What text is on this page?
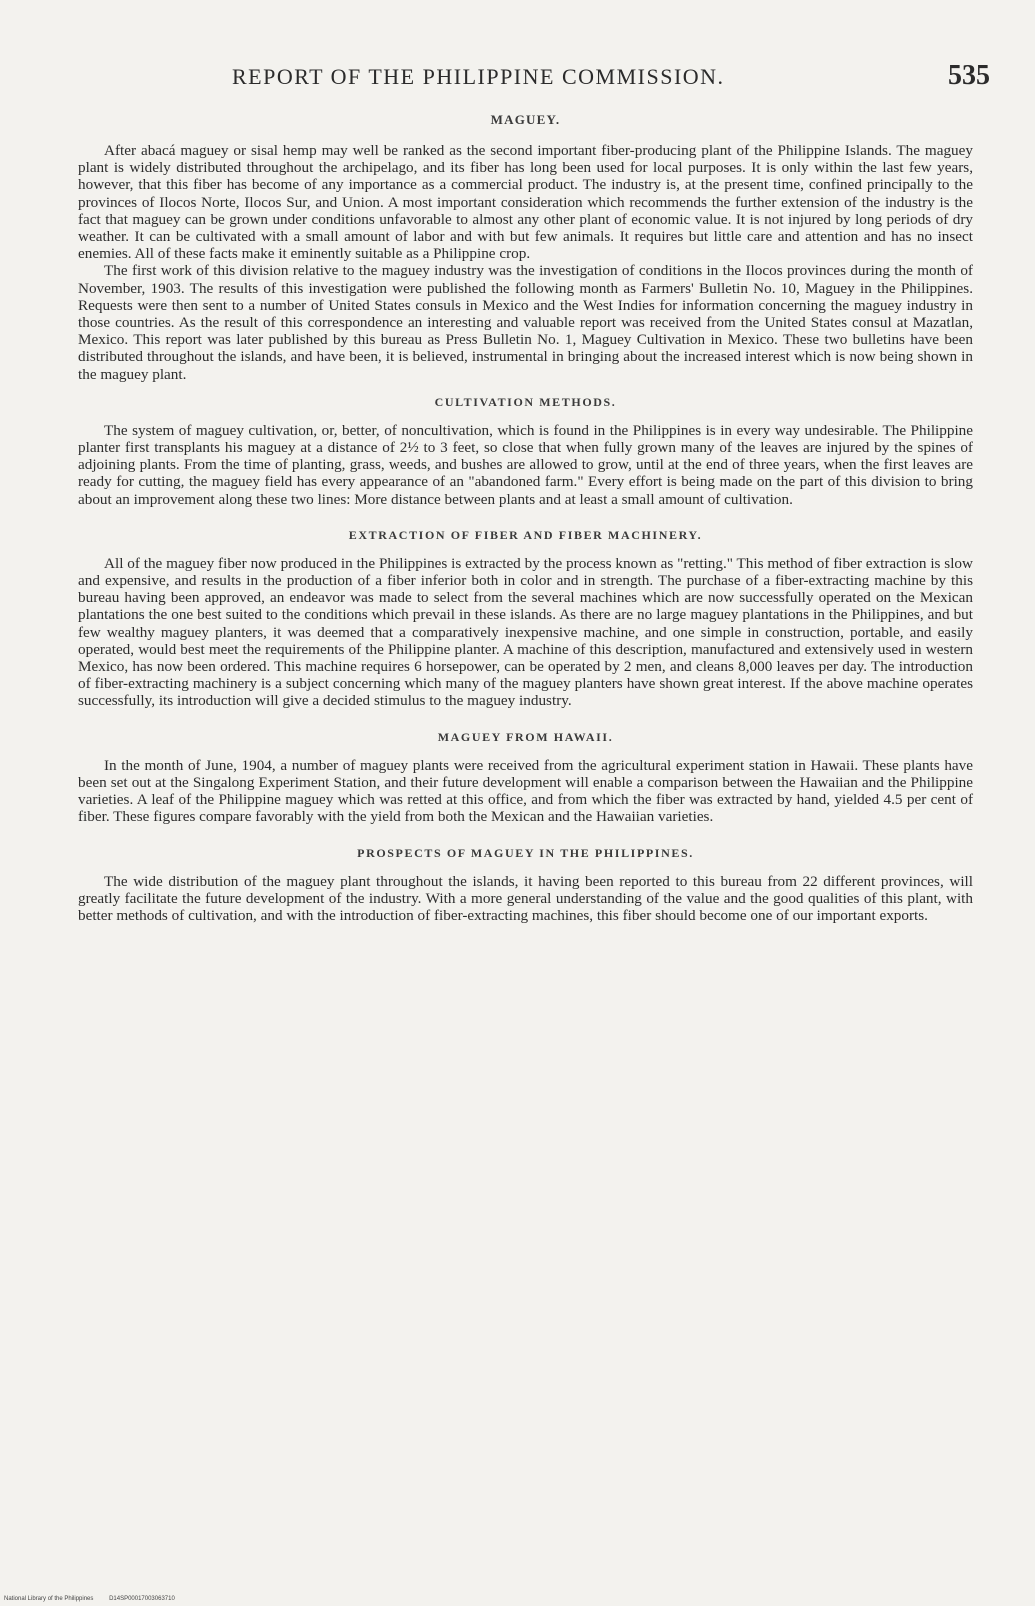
REPORT OF THE PHILIPPINE COMMISSION.	535
MAGUEY.

After abacá maguey or sisal hemp may well be ranked as the second important fiber-producing plant of the Philippine Islands. The maguey plant is widely distributed throughout the archipelago, and its fiber has long been used for local purposes. It is only within the last few years, however, that this fiber has become of any importance as a commercial product. The industry is, at the present time, confined principally to the provinces of Ilocos Norte, Ilocos Sur, and Union. A most important consideration which recommends the further extension of the industry is the fact that maguey can be grown under conditions unfavorable to almost any other plant of economic value. It is not injured by long periods of dry weather. It can be cultivated with a small amount of labor and with but few animals. It requires but little care and attention and has no insect enemies. All of these facts make it eminently suitable as a Philippine crop.

The first work of this division relative to the maguey industry was the investigation of conditions in the Ilocos provinces during the month of November, 1903. The results of this investigation were published the following month as Farmers' Bulletin No. 10, Maguey in the Philippines. Requests were then sent to a number of United States consuls in Mexico and the West Indies for information concerning the maguey industry in those countries. As the result of this correspondence an interesting and valuable report was received from the United States consul at Mazatlan, Mexico. This report was later published by this bureau as Press Bulletin No. 1, Maguey Cultivation in Mexico. These two bulletins have been distributed throughout the islands, and have been, it is believed, instrumental in bringing about the increased interest which is now being shown in the maguey plant.

CULTIVATION METHODS.

The system of maguey cultivation, or, better, of noncultivation, which is found in the Philippines is in every way undesirable. The Philippine planter first transplants his maguey at a distance of 2½ to 3 feet, so close that when fully grown many of the leaves are injured by the spines of adjoining plants. From the time of planting, grass, weeds, and bushes are allowed to grow, until at the end of three years, when the first leaves are ready for cutting, the maguey field has every appearance of an "abandoned farm." Every effort is being made on the part of this division to bring about an improvement along these two lines: More distance between plants and at least a small amount of cultivation.

EXTRACTION OF FIBER AND FIBER MACHINERY.

All of the maguey fiber now produced in the Philippines is extracted by the process known as "retting." This method of fiber extraction is slow and expensive, and results in the production of a fiber inferior both in color and in strength. The purchase of a fiber-extracting machine by this bureau having been approved, an endeavor was made to select from the several machines which are now successfully operated on the Mexican plantations the one best suited to the conditions which prevail in these islands. As there are no large maguey plantations in the Philippines, and but few wealthy maguey planters, it was deemed that a comparatively inexpensive machine, and one simple in construction, portable, and easily operated, would best meet the requirements of the Philippine planter. A machine of this description, manufactured and extensively used in western Mexico, has now been ordered. This machine requires 6 horsepower, can be operated by 2 men, and cleans 8,000 leaves per day. The introduction of fiber-extracting machinery is a subject concerning which many of the maguey planters have shown great interest. If the above machine operates successfully, its introduction will give a decided stimulus to the maguey industry.

MAGUEY FROM HAWAII.

In the month of June, 1904, a number of maguey plants were received from the agricultural experiment station in Hawaii. These plants have been set out at the Singalong Experiment Station, and their future development will enable a comparison between the Hawaiian and the Philippine varieties. A leaf of the Philippine maguey which was retted at this office, and from which the fiber was extracted by hand, yielded 4.5 per cent of fiber. These figures compare favorably with the yield from both the Mexican and the Hawaiian varieties.

PROSPECTS OF MAGUEY IN THE PHILIPPINES.

The wide distribution of the maguey plant throughout the islands, it having been reported to this bureau from 22 different provinces, will greatly facilitate the future development of the industry. With a more general understanding of the value and the good qualities of this plant, with better methods of cultivation, and with the introduction of fiber-extracting machines, this fiber should become one of our important exports.

National Library of the Philippines	D14SP00017003063710
